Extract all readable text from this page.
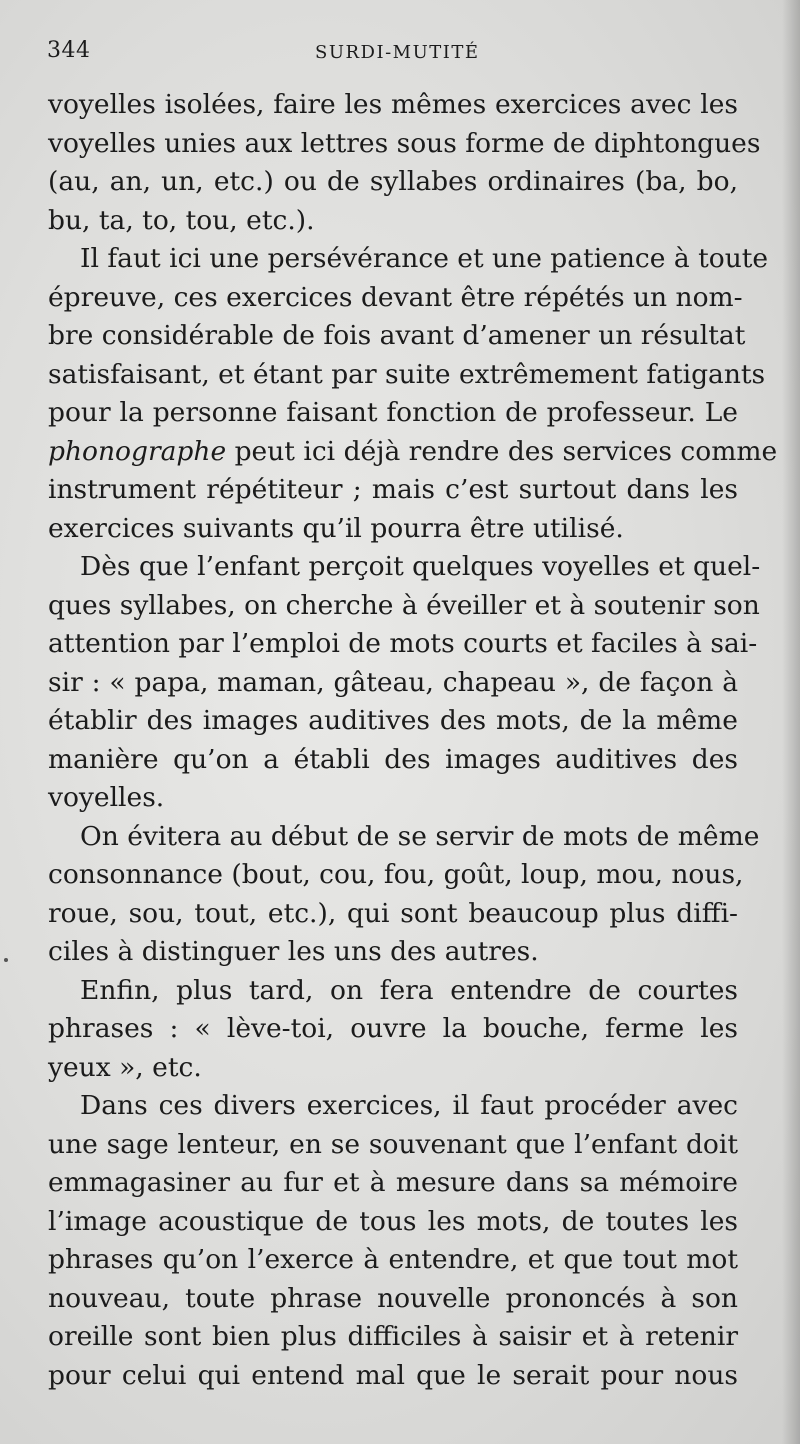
344	SURDI-MUTITÉ
voyelles isolées, faire les mêmes exercices avec les
voyelles unies aux lettres sous forme de diphtongues
(au, an, un, etc.) ou de syllabes ordinaires (ba, bo,
bu, ta, to, tou, etc.).
Il faut ici une persévérance et une patience à toute
épreuve, ces exercices devant être répétés un nom-
bre considérable de fois avant d’amener un résultat
satisfaisant, et étant par suite extrêmement fatigants
pour la personne faisant fonction de professeur. Le
phonographe peut ici déjà rendre des services comme
instrument répétiteur ; mais c’est surtout dans les
exercices suivants qu’il pourra être utilisé.
Dès que l’enfant perçoit quelques voyelles et quel-
ques syllabes, on cherche à éveiller et à soutenir son
attention par l’emploi de mots courts et faciles à sai-
sir : « papa, maman, gâteau, chapeau », de façon à
établir des images auditives des mots, de la même
manière qu’on a établi des images auditives des
voyelles.
On évitera au début de se servir de mots de même
consonnance (bout, cou, fou, goût, loup, mou, nous,
roue, sou, tout, etc.), qui sont beaucoup plus diffi-
ciles à distinguer les uns des autres.
Enfin, plus tard, on fera entendre de courtes
phrases : « lève-toi, ouvre la bouche, ferme les
yeux », etc.
Dans ces divers exercices, il faut procéder avec
une sage lenteur, en se souvenant que l’enfant doit
emmagasiner au fur et à mesure dans sa mémoire
l’image acoustique de tous les mots, de toutes les
phrases qu’on l’exerce à entendre, et que tout mot
nouveau, toute phrase nouvelle prononcés à son
oreille sont bien plus difficiles à saisir et à retenir
pour celui qui entend mal que le serait pour nous
